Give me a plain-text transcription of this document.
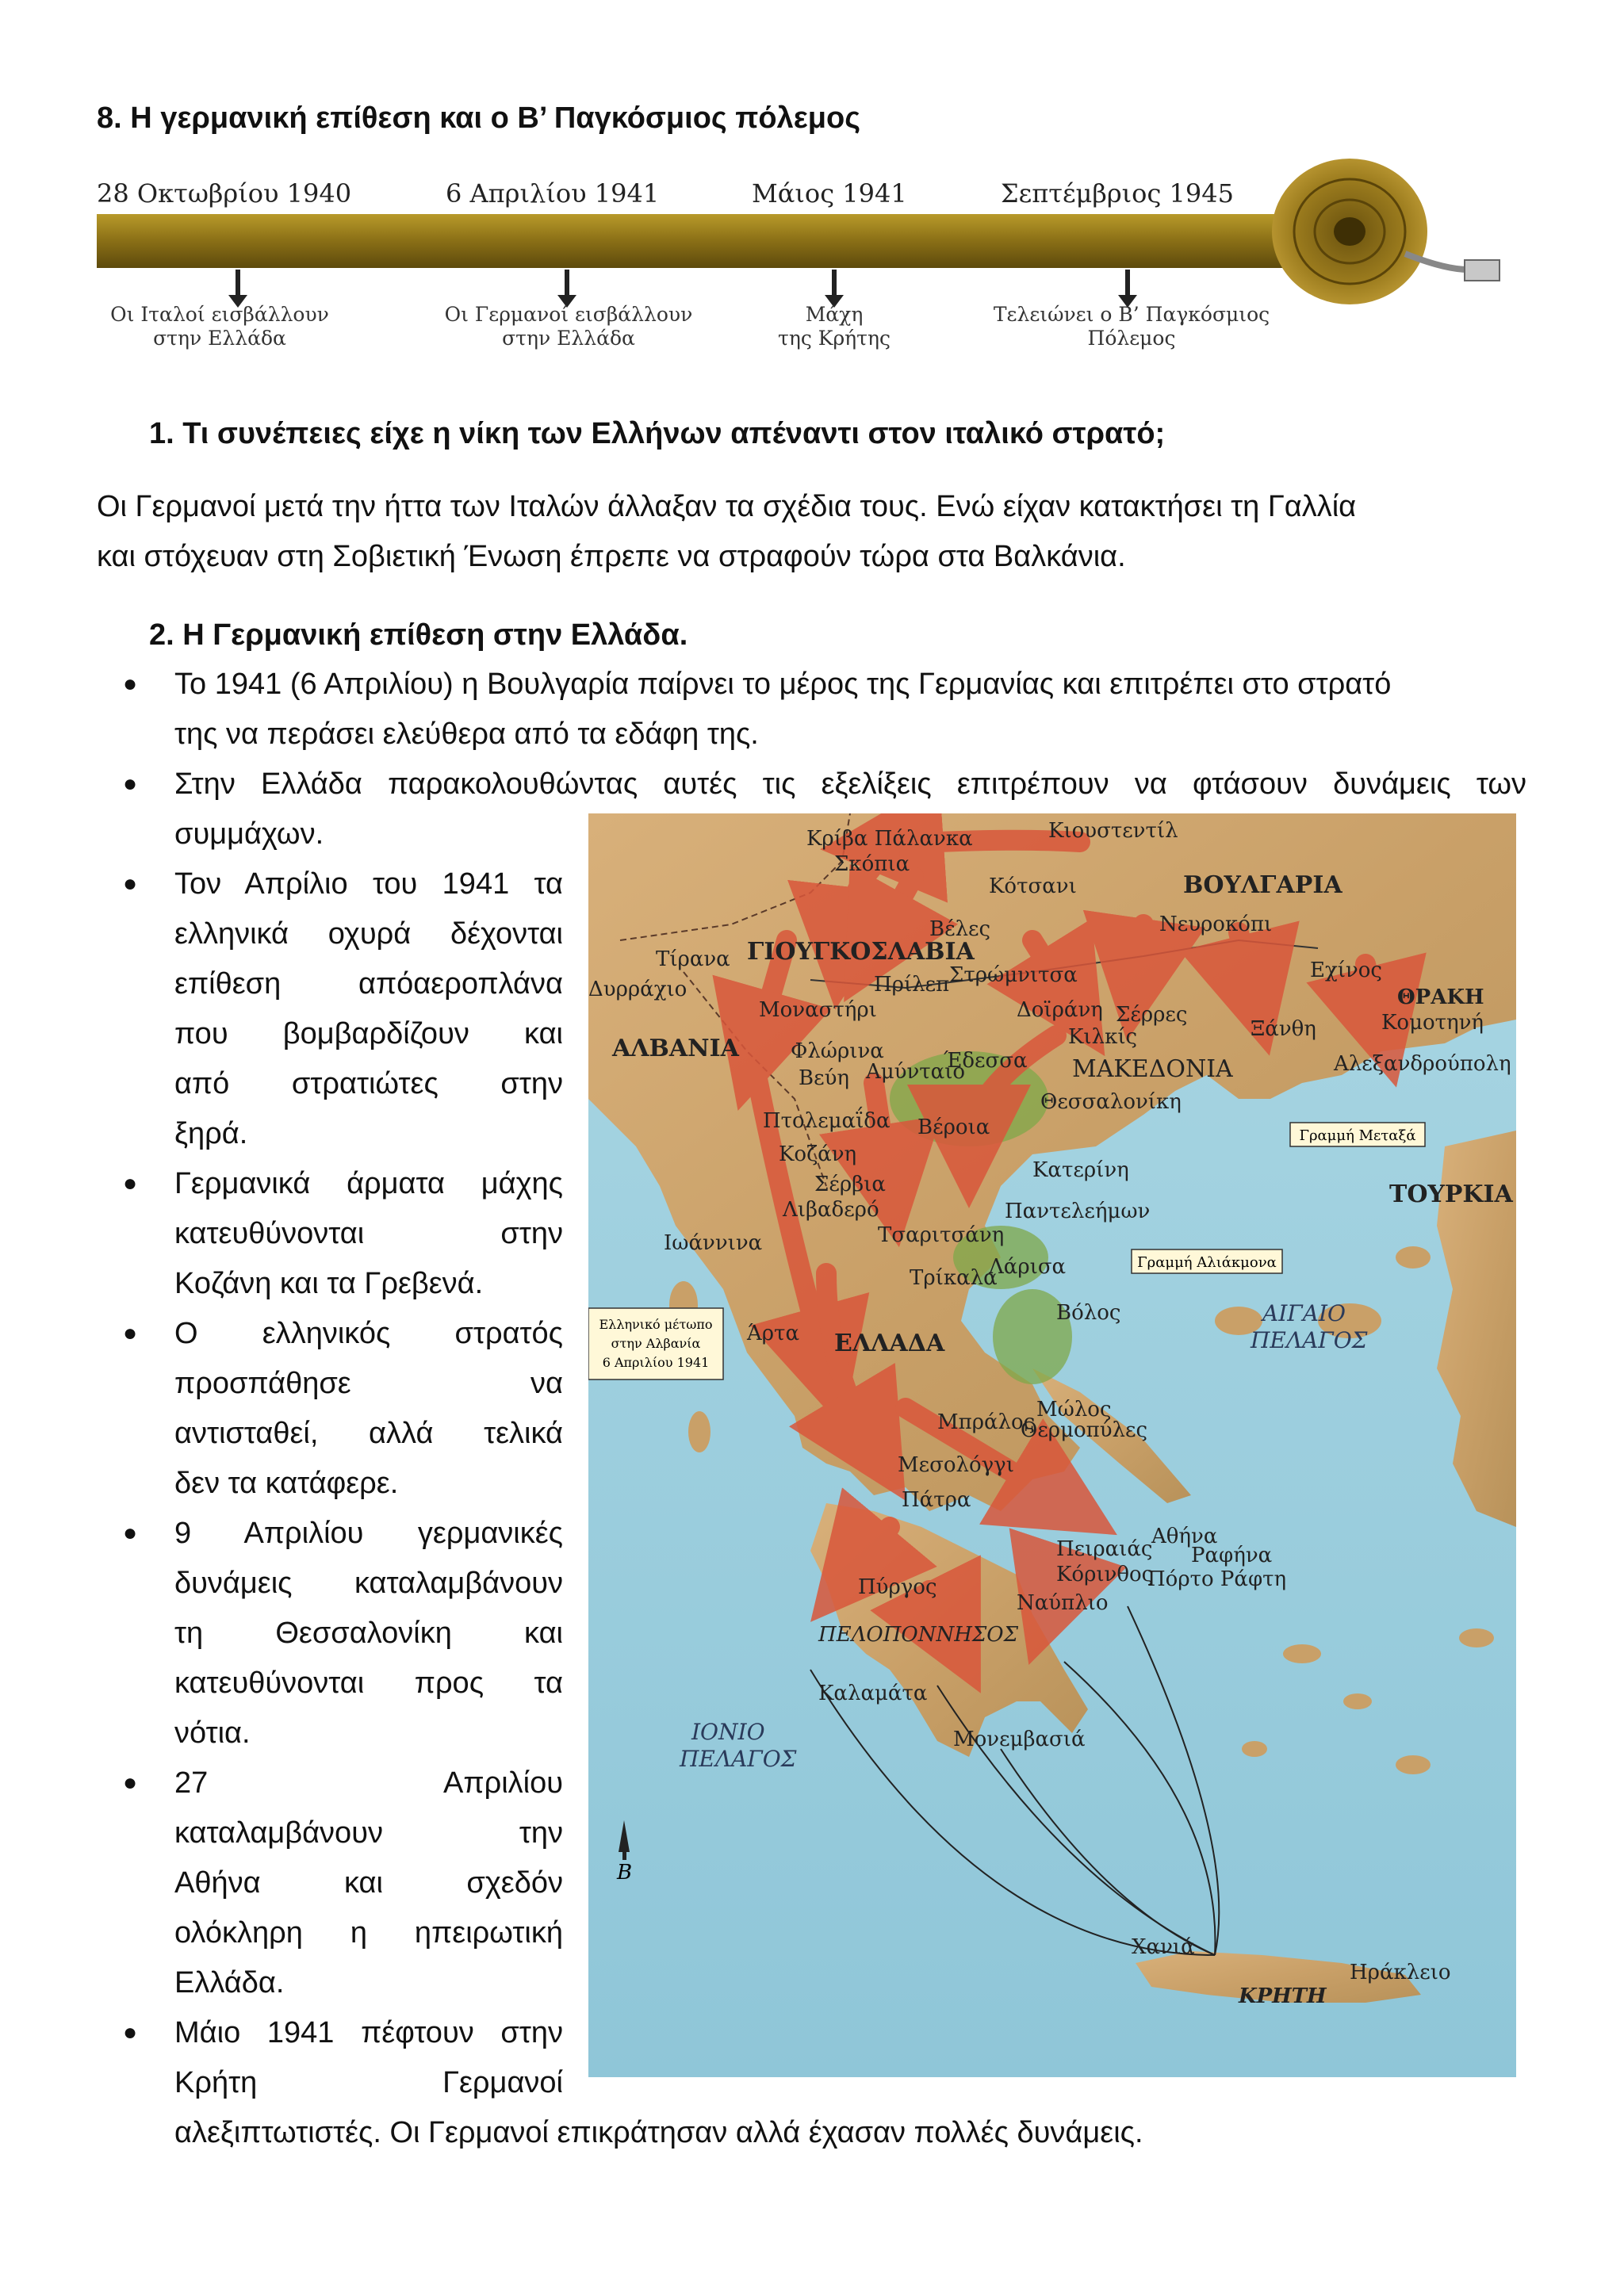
8. Η γερμανική επίθεση και ο Β’ Παγκόσμιος πόλεμος
28 Οκτωβρίου 1940	6 Απριλίου 1941	Μάιος 1941	Σεπτέμβριος 1945
Οι Ιταλοί εισβάλλουν
στην Ελλάδα
Οι Γερμανοί εισβάλλουν
στην Ελλάδα
Μάχη
της Κρήτης
Τελειώνει ο Β’ Παγκόσμιος
Πόλεμος
1. Τι συνέπειες είχε η νίκη των Ελλήνων απέναντι στον ιταλικό στρατό;
Οι Γερμανοί μετά την ήττα των Ιταλών άλλαξαν τα σχέδια τους. Ενώ είχαν κατακτήσει τη Γαλλία
και στόχευαν στη Σοβιετική Ένωση έπρεπε να στραφούν τώρα στα Βαλκάνια.
2. Η Γερμανική επίθεση στην Ελλάδα.
● Το 1941 (6 Απριλίου) η Βουλγαρία παίρνει το μέρος της Γερμανίας και επιτρέπει στο στρατό
της να περάσει ελεύθερα από τα εδάφη της.
● Στην Ελλάδα παρακολουθώντας αυτές τις εξελίξεις επιτρέπουν να φτάσουν δυνάμεις των
συμμάχων.
● Τον Απρίλιο του 1941 τα
ελληνικά οχυρά δέχονται
επίθεση απόαεροπλάνα
που βομβαρδίζουν και
από στρατιώτες στην
ξηρά.
● Γερμανικά άρματα μάχης
κατευθύνονται στην
Κοζάνη και τα Γρεβενά.
● Ο ελληνικός στρατός
προσπάθησε να
αντισταθεί, αλλά τελικά
δεν τα κατάφερε.
● 9 Απριλίου γερμανικές
δυνάμεις καταλαμβάνουν
τη Θεσσαλονίκη και
κατευθύνονται προς τα
νότια.
● 27 Απριλίου
καταλαμβάνουν την
Αθήνα και σχεδόν
ολόκληρη η ηπειρωτική
Ελλάδα.
● Μάιο 1941 πέφτουν στην
Κρήτη Γερμανοί
αλεξιπτωτιστές. Οι Γερμανοί επικράτησαν αλλά έχασαν πολλές δυνάμεις.
Κιουστεντίλ
Κρίβα Πάλανκα
Σκόπια
Κότσανι	ΒΟΥΛΓΑΡΙΑ
Βέλες	Νευροκόπι
Τίρανα ΓΙΟΥΓΚΟΣΛΑΒΙΑ
Δυρράχιο
Στρώμνιτσα
Πρίλεπ
Μοναστήρι
Εχίνος
ΘΡΑΚΗ
Δοϊράνη Σέρρες
Ξάνθη	Κομοτηνή
ΑΛΒΑΝΙΑ	Φλώρινα	Έδεσσα
Κιλκίς
ΜΑΚΕΔΟΝΙΑ	Αλεξανδρούπολη
Βεύη Αμύνταιο
Θεσσαλονίκη
Πτολεμαΐδα Βέροια
Κοζάνη
Κατερίνη
ΤΟΥΡΚΙΑ
Σέρβια
Λιβαδερό	Παντελεήμων
Ιωάννινα	Τσαριτσάνη
Λάρισα
Τρίκαλα
Βόλος
Άρτα ΕΛΛΑΔΑ
Μπράλος
Μώλος
Θερμοπύλες
Μεσολόγγι
Πάτρα
Αθήνα
Πειραιάς Ραφήνα
Κόρινθος
Πόρτο Ράφτη
Πύργος
Ναύπλιο
ΠΕΛΟΠΟΝΝΗΣΟΣ
Καλαμάτα
Μονεμβασιά
Χανιά
Ηράκλειο
ΚΡΗΤΗ
ΑΙΓΑΙΟ
ΠΕΛΑΓΟΣ
ΙΟΝΙΟ
ΠΕΛΑΓΟΣ
Γραμμή Μεταξά
Γραμμή Αλιάκμονα
Ελληνικό μέτωπο
στην Αλβανία
6 Απριλίου 1941
Β
